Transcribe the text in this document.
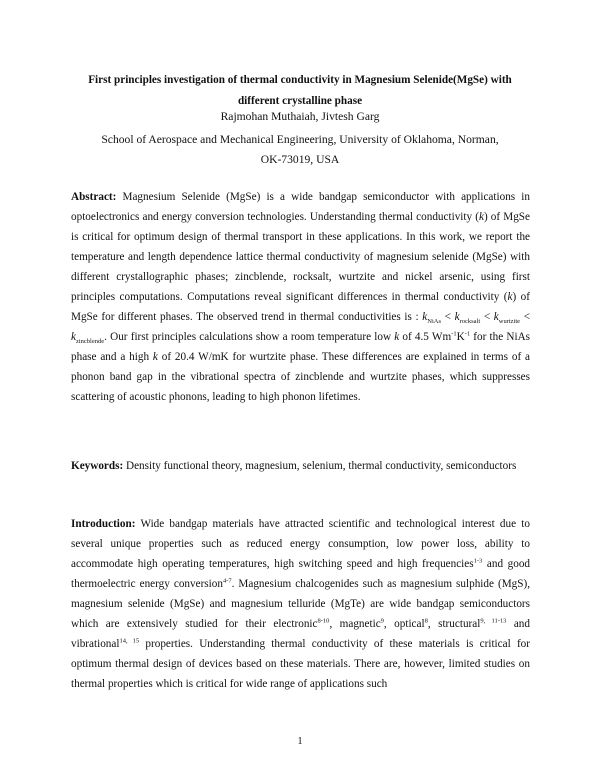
First principles investigation of thermal conductivity in Magnesium Selenide(MgSe) with
different crystalline phase
Rajmohan Muthaiah, Jivtesh Garg
School of Aerospace and Mechanical Engineering, University of Oklahoma, Norman,
OK-73019, USA
Abstract: Magnesium Selenide (MgSe) is a wide bandgap semiconductor with applications in optoelectronics and energy conversion technologies. Understanding thermal conductivity (k) of MgSe is critical for optimum design of thermal transport in these applications. In this work, we report the temperature and length dependence lattice thermal conductivity of magnesium selenide (MgSe) with different crystallographic phases; zincblende, rocksalt, wurtzite and nickel arsenic, using first principles computations. Computations reveal significant differences in thermal conductivity (k) of MgSe for different phases. The observed trend in thermal conductivities is : $k_{NiAs} < k_{rocksalt} < k_{wurtzite} < k_{zincblende}$. Our first principles calculations show a room temperature low k of 4.5 $Wm^{-1}K^{-1}$ for the NiAs phase and a high k of 20.4 W/mK for wurtzite phase. These differences are explained in terms of a phonon band gap in the vibrational spectra of zincblende and wurtzite phases, which suppresses scattering of acoustic phonons, leading to high phonon lifetimes.
Keywords: Density functional theory, magnesium, selenium, thermal conductivity, semiconductors
Introduction: Wide bandgap materials have attracted scientific and technological interest due to several unique properties such as reduced energy consumption, low power loss, ability to accommodate high operating temperatures, high switching speed and high frequencies$^{1-3}$ and good thermoelectric energy conversion$^{4-7}$. Magnesium chalcogenides such as magnesium sulphide (MgS), magnesium selenide (MgSe) and magnesium telluride (MgTe) are wide bandgap semiconductors which are extensively studied for their electronic$^{8-10}$, magnetic$^9$, optical$^8$, structural$^{9, 11-13}$ and vibrational$^{14, 15}$ properties. Understanding thermal conductivity of these materials is critical for optimum thermal design of devices based on these materials. There are, however, limited studies on thermal properties which is critical for wide range of applications such
1
